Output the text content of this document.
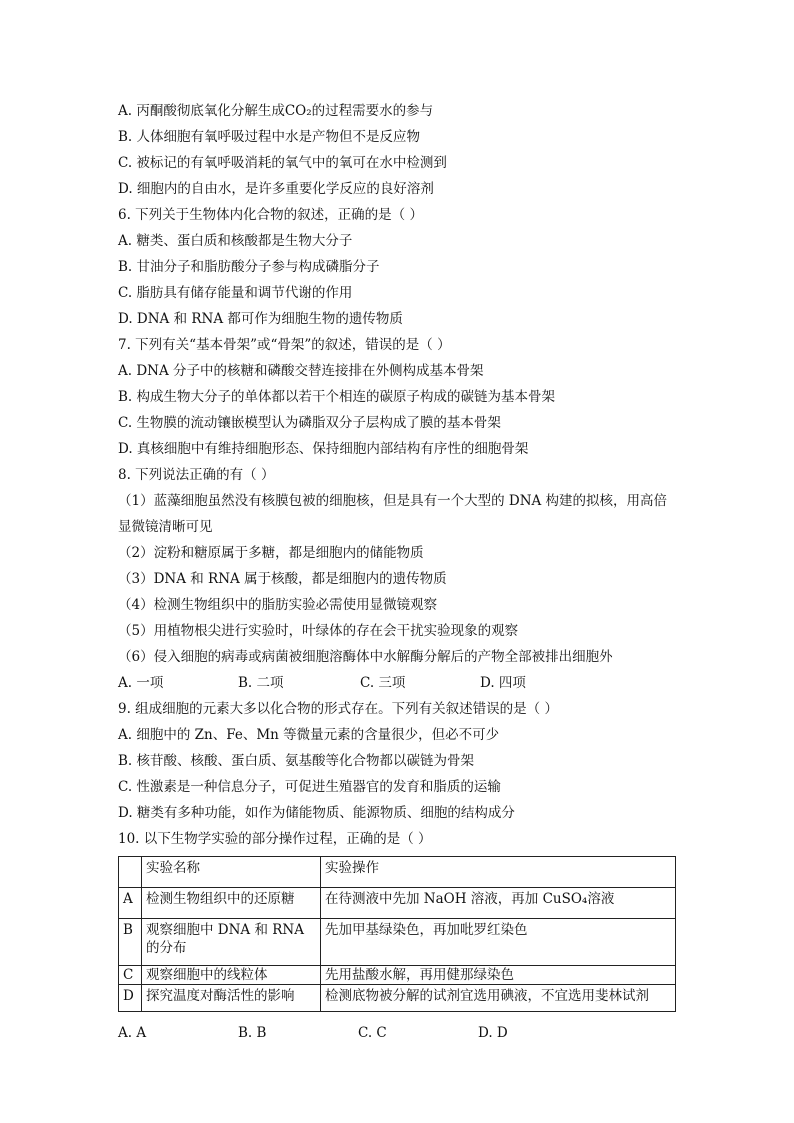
A. 丙酮酸彻底氧化分解生成CO₂的过程需要水的参与
B. 人体细胞有氧呼吸过程中水是产物但不是反应物
C. 被标记的有氧呼吸消耗的氧气中的氧可在水中检测到
D. 细胞内的自由水，是许多重要化学反应的良好溶剂
6. 下列关于生物体内化合物的叙述，正确的是（ ）
A. 糖类、蛋白质和核酸都是生物大分子
B. 甘油分子和脂肪酸分子参与构成磷脂分子
C. 脂肪具有储存能量和调节代谢的作用
D. DNA 和 RNA 都可作为细胞生物的遗传物质
7. 下列有关“基本骨架”或“骨架”的叙述，错误的是（ ）
A. DNA 分子中的核糖和磷酸交替连接排在外侧构成基本骨架
B. 构成生物大分子的单体都以若干个相连的碳原子构成的碳链为基本骨架
C. 生物膜的流动镶嵌模型认为磷脂双分子层构成了膜的基本骨架
D. 真核细胞中有维持细胞形态、保持细胞内部结构有序性的细胞骨架
8. 下列说法正确的有（ ）
（1）蓝藻细胞虽然没有核膜包被的细胞核，但是具有一个大型的 DNA 构建的拟核，用高倍显微镜清晰可见
（2）淀粉和糖原属于多糖，都是细胞内的储能物质
（3）DNA 和 RNA 属于核酸，都是细胞内的遗传物质
（4）检测生物组织中的脂肪实验必需使用显微镜观察
（5）用植物根尖进行实验时，叶绿体的存在会干扰实验现象的观察
（6）侵入细胞的病毒或病菌被细胞溶酶体中水解酶分解后的产物全部被排出细胞外
A. 一项	B. 二项	C. 三项	D. 四项
9. 组成细胞的元素大多以化合物的形式存在。下列有关叙述错误的是（ ）
A. 细胞中的 Zn、Fe、Mn 等微量元素的含量很少，但必不可少
B. 核苷酸、核酸、蛋白质、氨基酸等化合物都以碳链为骨架
C. 性激素是一种信息分子，可促进生殖器官的发育和脂质的运输
D. 糖类有多种功能，如作为储能物质、能源物质、细胞的结构成分
10. 以下生物学实验的部分操作过程，正确的是（ ）
	实验名称	实验操作
A	检测生物组织中的还原糖	在待测液中先加 NaOH 溶液，再加 CuSO₄溶液
B	观察细胞中 DNA 和 RNA 的分布	先加甲基绿染色，再加吡罗红染色
C	观察细胞中的线粒体	先用盐酸水解，再用健那绿染色
D	探究温度对酶活性的影响	检测底物被分解的试剂宜选用碘液，不宜选用斐林试剂
A. A	B. B	C. C	D. D
